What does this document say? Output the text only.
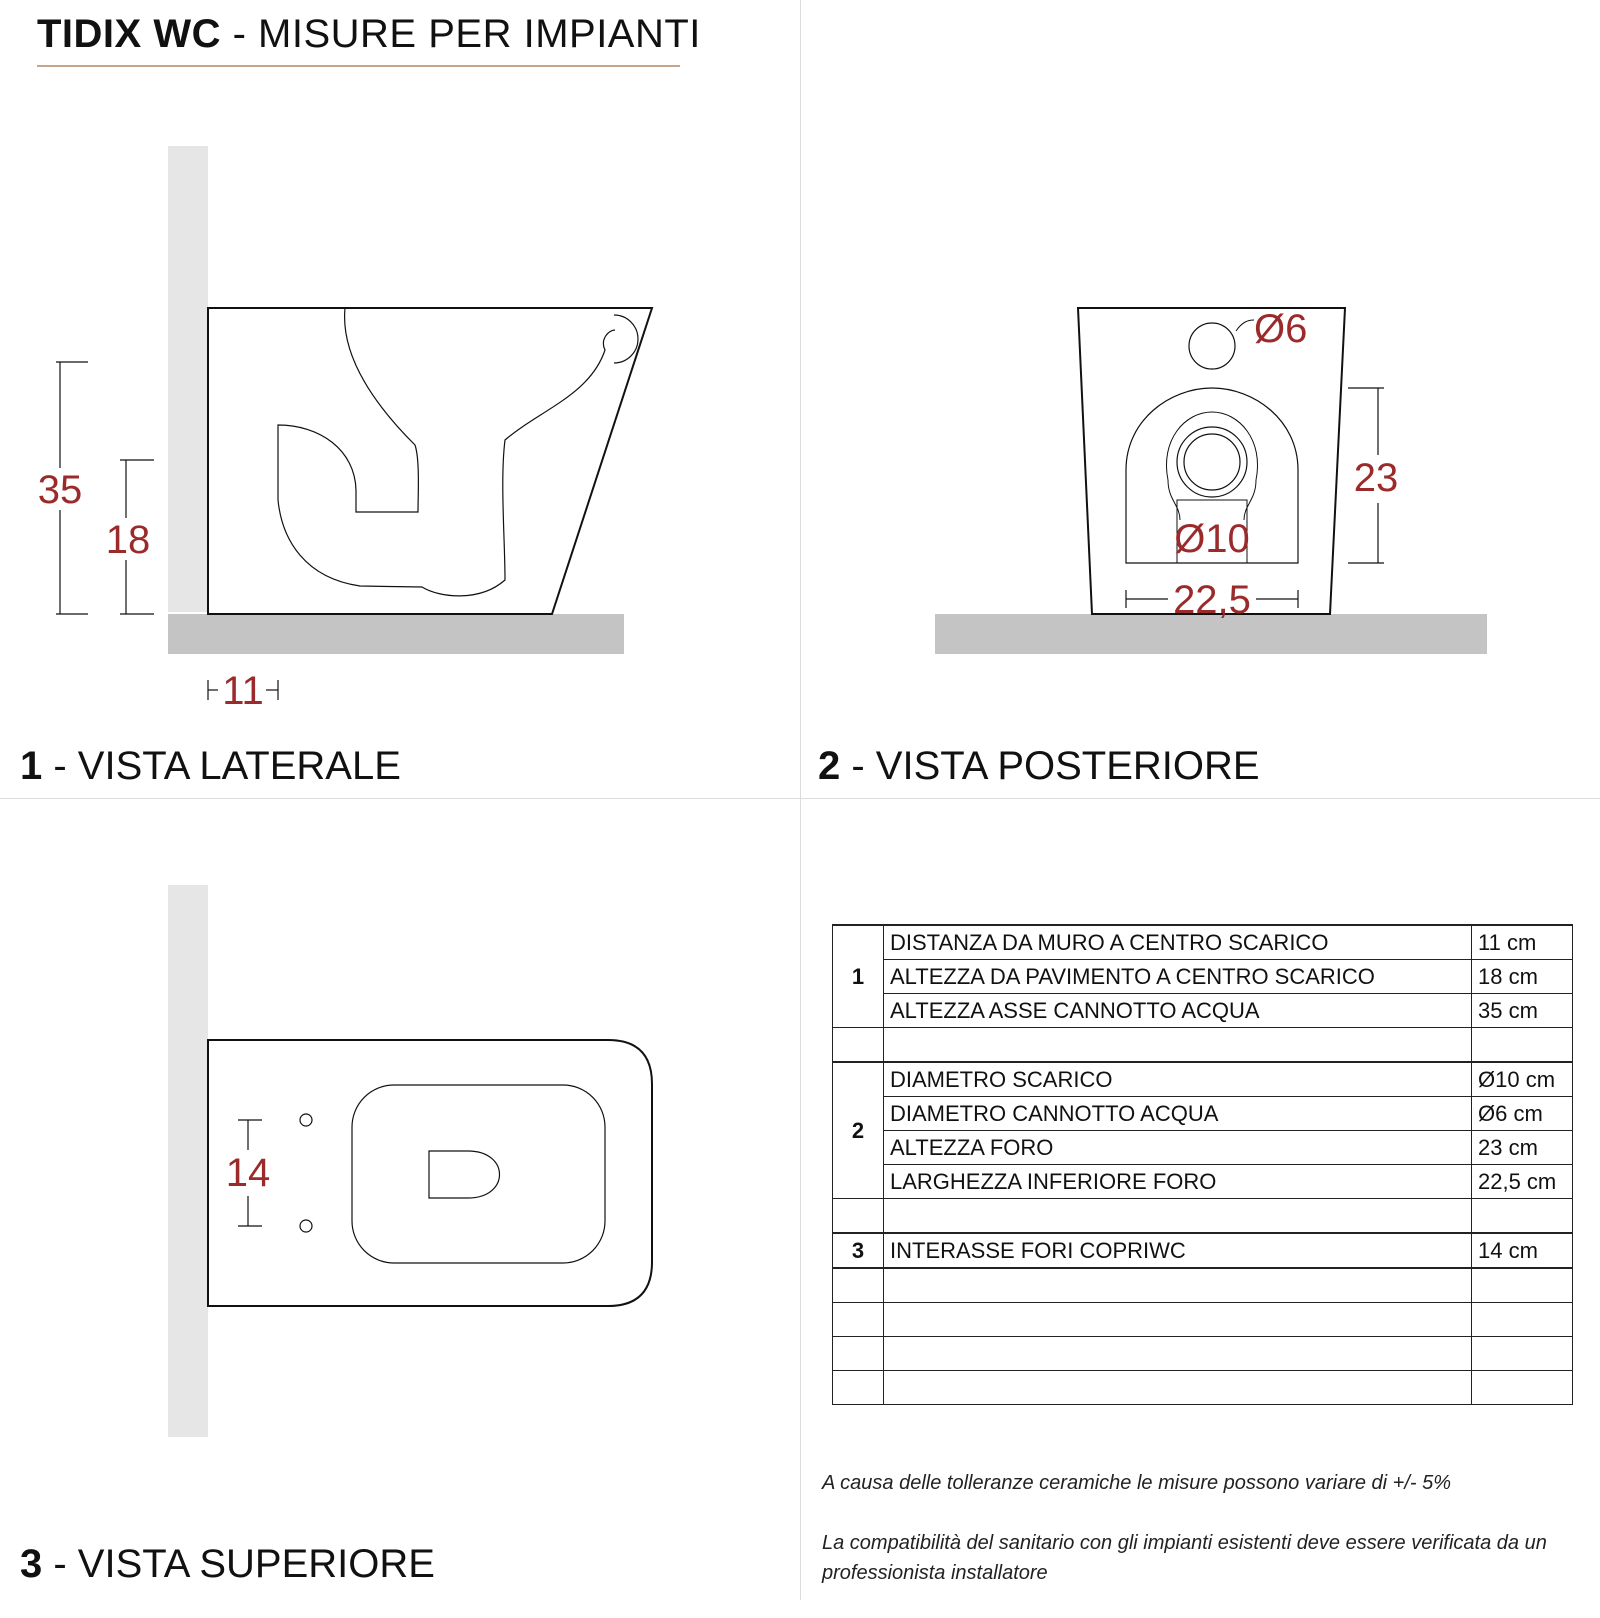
TIDIX WC - MISURE PER IMPIANTI
35
18
11
Ø6
Ø10
23
22,5
14
1 - VISTA LATERALE	2 - VISTA POSTERIORE
3 - VISTA SUPERIORE
1	DISTANZA DA MURO A CENTRO SCARICO	11 cm
	ALTEZZA DA PAVIMENTO A CENTRO SCARICO	18 cm
	ALTEZZA ASSE CANNOTTO ACQUA	35 cm

2	DIAMETRO SCARICO	Ø10 cm
	DIAMETRO CANNOTTO ACQUA	Ø6 cm
	ALTEZZA FORO	23 cm
	LARGHEZZA INFERIORE FORO	22,5 cm

3	INTERASSE FORI COPRIWC	14 cm

A causa delle tolleranze ceramiche le misure possono variare di +/- 5%

La compatibilità del sanitario con gli impianti esistenti deve essere verificata da un professionista installatore
